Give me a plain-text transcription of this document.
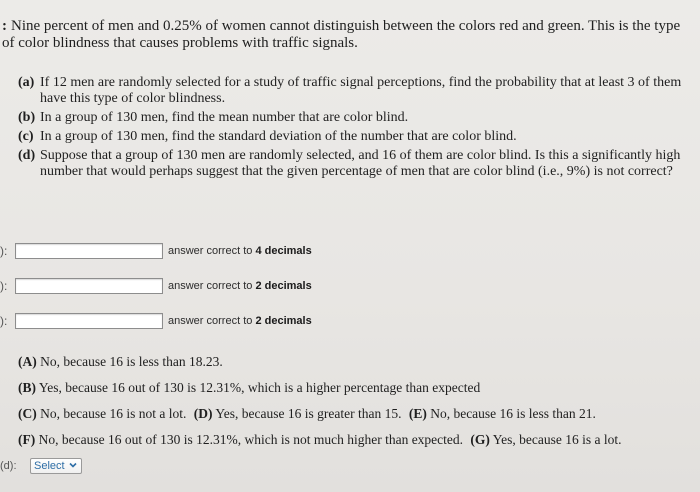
: Nine percent of men and 0.25% of women cannot distinguish between the colors red and green. This is the type of color blindness that causes problems with traffic signals.
(a) If 12 men are randomly selected for a study of traffic signal perceptions, find the probability that at least 3 of them have this type of color blindness.
(b) In a group of 130 men, find the mean number that are color blind.
(c) In a group of 130 men, find the standard deviation of the number that are color blind.
(d) Suppose that a group of 130 men are randomly selected, and 16 of them are color blind. Is this a significantly high number that would perhaps suggest that the given percentage of men that are color blind (i.e., 9%) is not correct?
):	answer correct to 4 decimals
):	answer correct to 2 decimals
):	answer correct to 2 decimals
(A) No, because 16 is less than 18.23.
(B) Yes, because 16 out of 130 is 12.31%, which is a higher percentage than expected
(C) No, because 16 is not a lot. (D) Yes, because 16 is greater than 15. (E) No, because 16 is less than 21.
(F) No, because 16 out of 130 is 12.31%, which is not much higher than expected. (G) Yes, because 16 is a lot.
(d):	Select
